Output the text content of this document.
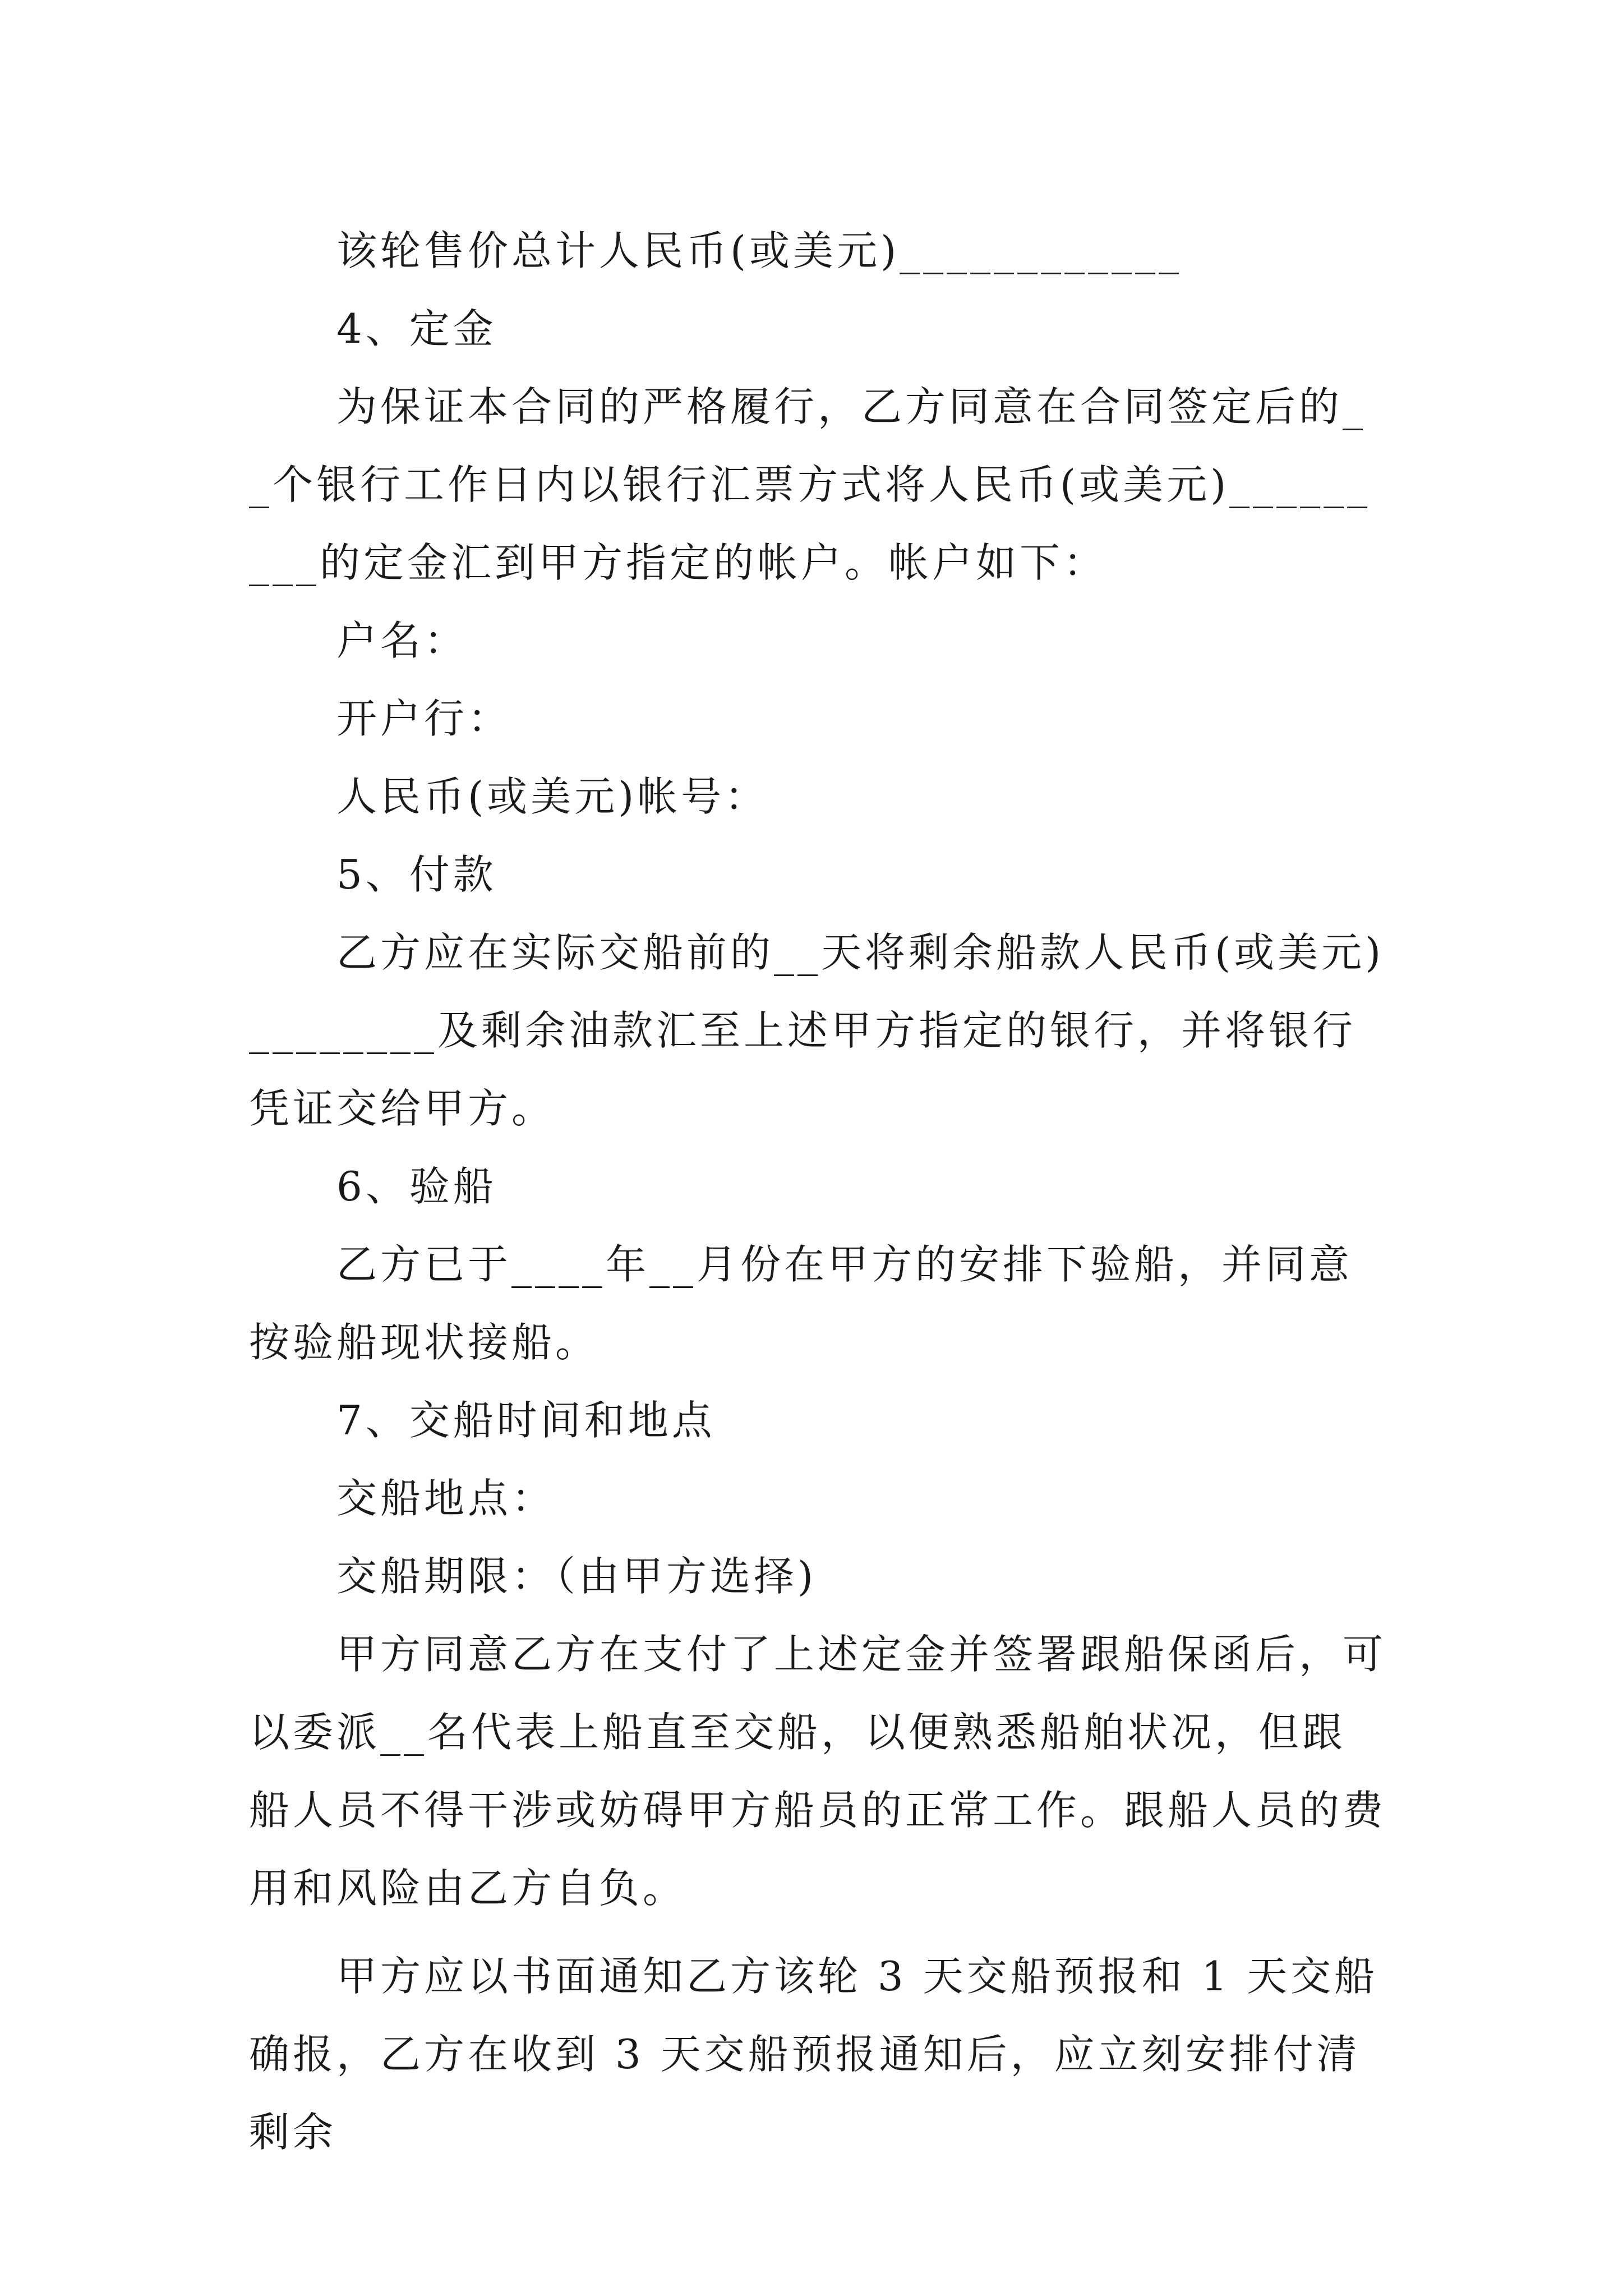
该轮售价总计人民币(或美元)____________

4、定金

为保证本合同的严格履行，乙方同意在合同签定后的__个银行工作日内以银行汇票方式将人民币(或美元)_________的定金汇到甲方指定的帐户。帐户如下：

户名：

开户行：

人民币(或美元)帐号：

5、付款

乙方应在实际交船前的__天将剩余船款人民币(或美元)________及剩余油款汇至上述甲方指定的银行，并将银行凭证交给甲方。

6、验船

乙方已于____年__月份在甲方的安排下验船，并同意按验船现状接船。

7、交船时间和地点

交船地点：

交船期限：（由甲方选择)

甲方同意乙方在支付了上述定金并签署跟船保函后，可以委派__名代表上船直至交船，以便熟悉船舶状况，但跟船人员不得干涉或妨碍甲方船员的正常工作。跟船人员的费用和风险由乙方自负。

甲方应以书面通知乙方该轮 3 天交船预报和 1 天交船确报，乙方在收到 3 天交船预报通知后，应立刻安排付清剩余
